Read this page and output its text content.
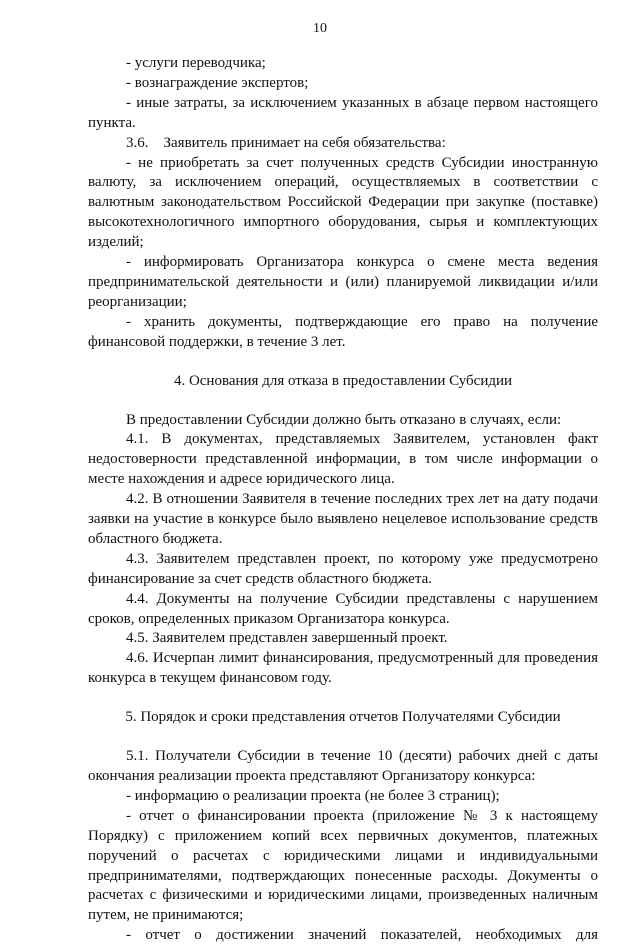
10

- услуги переводчика;

- вознаграждение экспертов;

- иные затраты, за исключением указанных в абзаце первом настоящего пункта.

3.6. Заявитель принимает на себя обязательства:

- не приобретать за счет полученных средств Субсидии иностранную валюту, за исключением операций, осуществляемых в соответствии с валютным законодательством Российской Федерации при закупке (поставке) высокотехнологичного импортного оборудования, сырья и комплектующих изделий;

- информировать Организатора конкурса о смене места ведения предпринимательской деятельности и (или) планируемой ликвидации и/или реорганизации;

- хранить документы, подтверждающие его право на получение финансовой поддержки, в течение 3 лет.

4. Основания для отказа в предоставлении Субсидии

В предоставлении Субсидии должно быть отказано в случаях, если:

4.1. В документах, представляемых Заявителем, установлен факт недостоверности представленной информации, в том числе информации о месте нахождения и адресе юридического лица.

4.2. В отношении Заявителя в течение последних трех лет на дату подачи заявки на участие в конкурсе было выявлено нецелевое использование средств областного бюджета.

4.3. Заявителем представлен проект, по которому уже предусмотрено финансирование за счет средств областного бюджета.

4.4. Документы на получение Субсидии представлены с нарушением сроков, определенных приказом Организатора конкурса.

4.5. Заявителем представлен завершенный проект.

4.6. Исчерпан лимит финансирования, предусмотренный для проведения конкурса в текущем финансовом году.

5. Порядок и сроки представления отчетов Получателями Субсидии

5.1. Получатели Субсидии в течение 10 (десяти) рабочих дней с даты окончания реализации проекта представляют Организатору конкурса:

- информацию о реализации проекта (не более 3 страниц);

- отчет о финансировании проекта (приложение № 3 к настоящему Порядку) с приложением копий всех первичных документов, платежных поручений о расчетах с юридическими лицами и индивидуальными предпринимателями, подтверждающих понесенные расходы. Документы о расчетах с физическими и юридическими лицами, произведенных наличным путем, не принимаются;

- отчет о достижении значений показателей, необходимых для
